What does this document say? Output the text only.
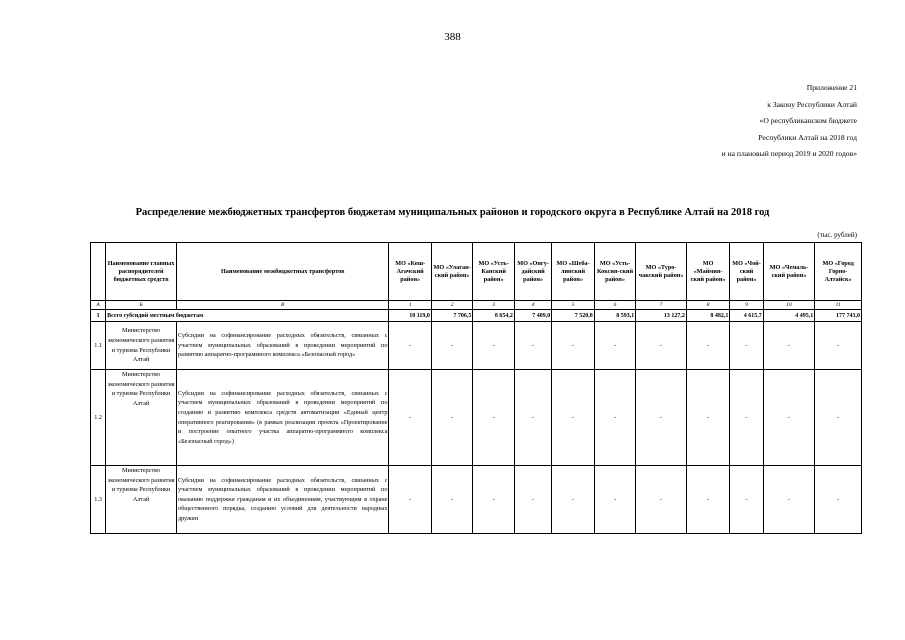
388
Приложение 21
к Закону Республики Алтай
«О республиканском бюджете
Республики Алтай на 2018 год
и на плановый период 2019 и 2020 годов»
Распределение межбюджетных трансфертов бюджетам муниципальных районов и городского округа в Республике Алтай на 2018 год
(тыс. рублей)
	Наименование главных распорядителей бюджетных средств	Наименование межбюджетных трансфертов	МО «Кош-Агачский район»	МО «Улаган-ский район»	МО «Усть-Канский район»	МО «Онгу-дайский район»	МО «Шеба-линский район»	МО «Усть-Коксин-ский район»	МО «Туро-чакский район»	МО «Маймин-ский район»	МО «Чой-ский район»	МО «Чемаль-ский район»	МО «Город Горно-Алтайск»
А	Б	В	1	2	3	4	5	6	7	8	9	10	11
1	Всего субсидий местным бюджетам		10 119,0	7 706,5	8 654,2	7 409,0	7 520,8	8 593,1	13 127,2	8 482,1	4 615,7	4 495,1	177 743,0
1.1	Министерство экономического развития и туризма Республики Алтай	Субсидии на софинансирование расходных обязательств, связанных с участием муниципальных образований в проведении мероприятий по развитию аппаратно-программного комплекса «Безопасный город»	-	-	-	-	-	-	-	-	-	-	-
1.2	Министерство экономического развития и туризма Республики Алтай	Субсидии на софинансирование расходных обязательств, связанных с участием муниципальных образований в проведении мероприятий по созданию и развитию комплекса средств автоматизации «Единый центр оперативного реагирования» (в рамках реализации проекта «Проектирование и построение опытного участка аппаратно-программного комплекса «Безопасный город»)	-	-	-	-	-	-	-	-	-	-	-
1.3	Министерство экономического развития и туризма Республики Алтай	Субсидии на софинансирование расходных обязательств, связанных с участием муниципальных образований в проведении мероприятий по оказанию поддержки гражданам и их объединениям, участвующим в охране общественного порядка, созданию условий для деятельности народных дружин	-	-	-	-	-	-	-	-	-	-	-
